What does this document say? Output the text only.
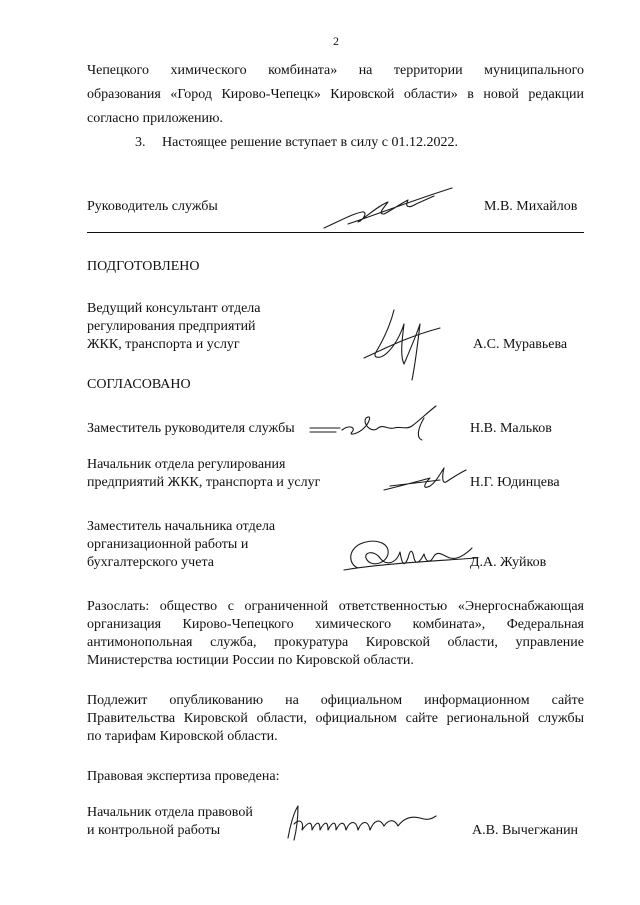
2
Чепецкого химического комбината» на территории муниципального
образования «Город Кирово-Чепецк» Кировской области» в новой редакции
согласно приложению.
3. Настоящее решение вступает в силу с 01.12.2022.
Руководитель службы	М.В. Михайлов
ПОДГОТОВЛЕНО
Ведущий консультант отдела
регулирования предприятий
ЖКК, транспорта и услуг	А.С. Муравьева
СОГЛАСОВАНО
Заместитель руководителя службы	Н.В. Мальков
Начальник отдела регулирования
предприятий ЖКК, транспорта и услуг	Н.Г. Юдинцева
Заместитель начальника отдела
организационной работы и
бухгалтерского учета	Д.А. Жуйков
Разослать: общество с ограниченной ответственностью «Энергоснабжающая
организация Кирово-Чепецкого химического комбината», Федеральная
антимонопольная служба, прокуратура Кировской области, управление
Министерства юстиции России по Кировской области.
Подлежит опубликованию на официальном информационном сайте
Правительства Кировской области, официальном сайте региональной службы
по тарифам Кировской области.
Правовая экспертиза проведена:
Начальник отдела правовой
и контрольной работы	А.В. Вычегжанин
